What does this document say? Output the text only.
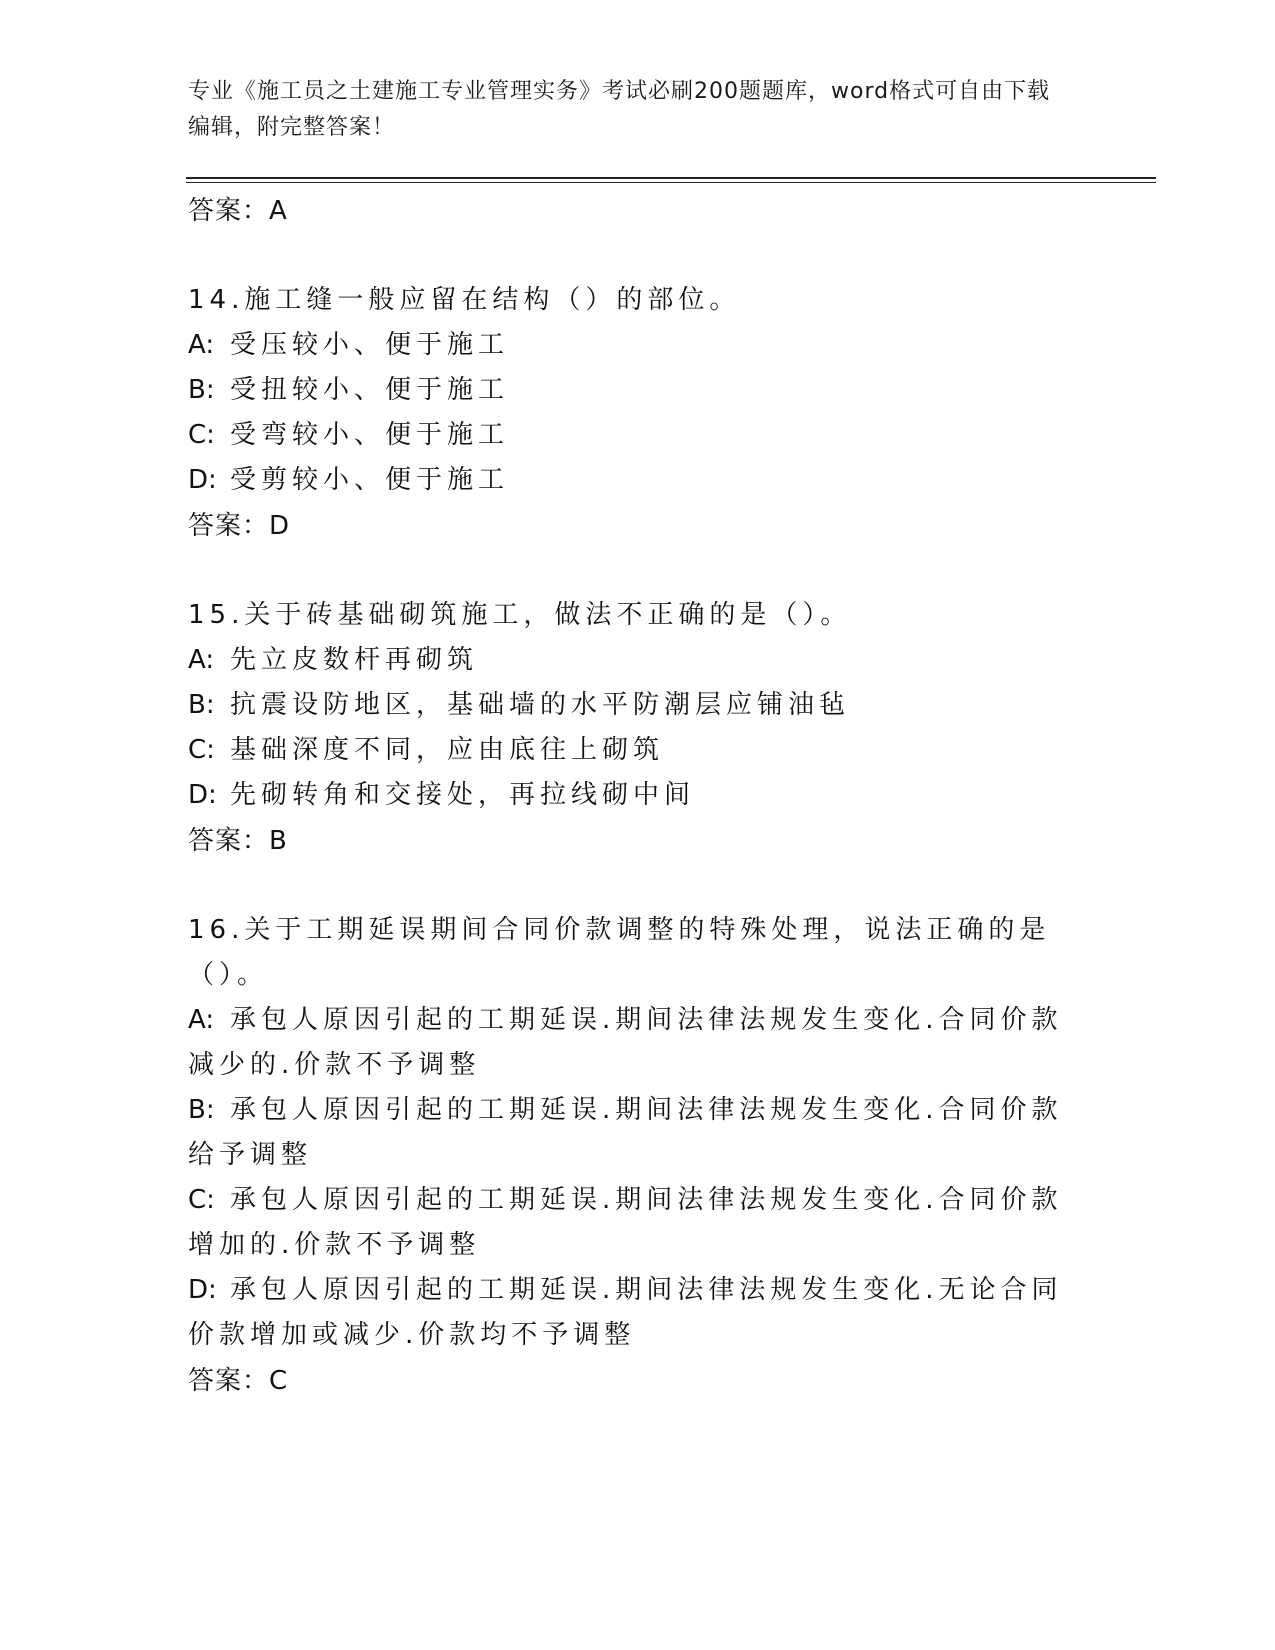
专业《施工员之土建施工专业管理实务》考试必刷200题题库，word格式可自由下载编辑，附完整答案！

答案：A

14.施工缝一般应留在结构（）的部位。

A: 受压较小、便于施工

B: 受扭较小、便于施工

C: 受弯较小、便于施工

D: 受剪较小、便于施工

答案：D

15.关于砖基础砌筑施工，做法不正确的是（）。

A: 先立皮数杆再砌筑

B: 抗震设防地区，基础墙的水平防潮层应铺油毡

C: 基础深度不同，应由底往上砌筑

D: 先砌转角和交接处，再拉线砌中间

答案：B

16.关于工期延误期间合同价款调整的特殊处理，说法正确的是（）。

A: 承包人原因引起的工期延误.期间法律法规发生变化.合同价款减少的.价款不予调整

B: 承包人原因引起的工期延误.期间法律法规发生变化.合同价款给予调整

C: 承包人原因引起的工期延误.期间法律法规发生变化.合同价款增加的.价款不予调整

D: 承包人原因引起的工期延误.期间法律法规发生变化.无论合同价款增加或减少.价款均不予调整

答案：C
